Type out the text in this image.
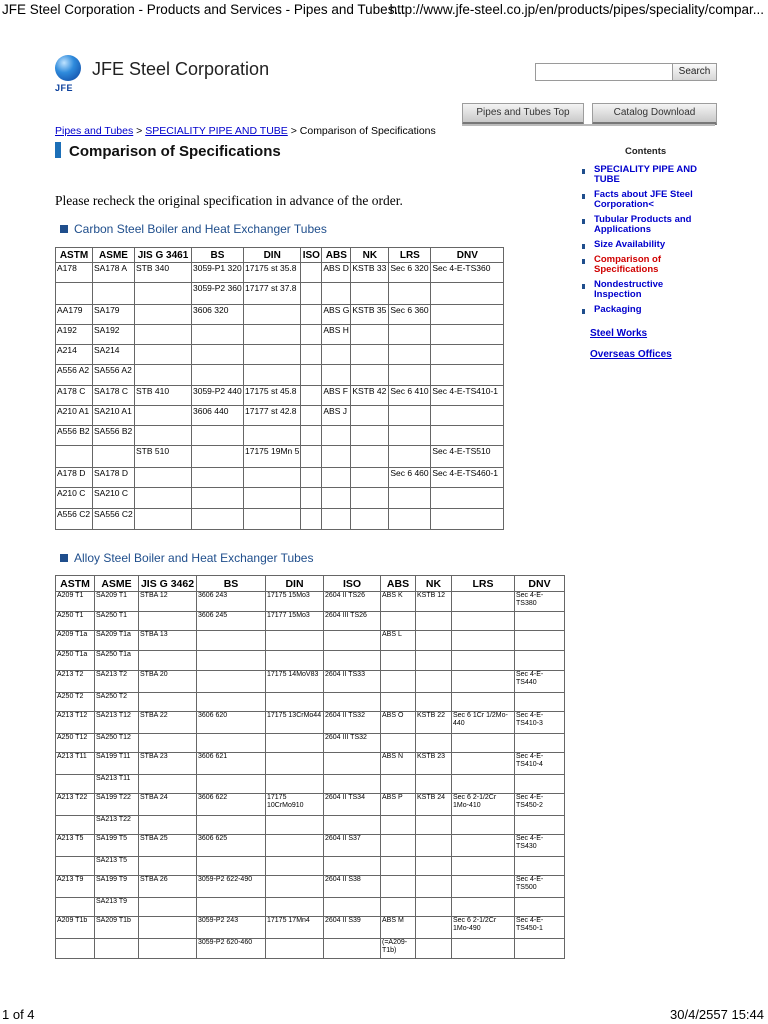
JFE Steel Corporation - Products and Services - Pipes and Tubes...
http://www.jfe-steel.co.jp/en/products/pipes/speciality/compar...
JFE
JFE Steel Corporation	Search
Pipes and Tubes Top	Catalog Download
Pipes and Tubes > SPECIALITY PIPE AND TUBE > Comparison of Specifications
Comparison of Specifications
Please recheck the original specification in advance of the order.
Carbon Steel Boiler and Heat Exchanger Tubes
ASTM	ASME	JIS G 3461	BS	DIN	ISO	ABS	NK	LRS	DNV
A178	SA178 A	STB 340	3059-P1 320	17175 st 35.8		ABS D	KSTB 33	Sec 6 320	Sec 4-E-TS360
			3059-P2 360	17177 st 37.8					
AA179	SA179		3606 320			ABS G	KSTB 35	Sec 6 360	
A192	SA192					ABS H			
A214	SA214								
A556 A2	SA556 A2								
A178 C	SA178 C	STB 410	3059-P2 440	17175 st 45.8		ABS F	KSTB 42	Sec 6 410	Sec 4-E-TS410-1
A210 A1	SA210 A1		3606 440	17177 st 42.8		ABS J			
A556 B2	SA556 B2								
		STB 510		17175 19Mn 5					Sec 4-E-TS510
A178 D	SA178 D							Sec 6 460	Sec 4-E-TS460-1
A210 C	SA210 C								
A556 C2	SA556 C2								
Alloy Steel Boiler and Heat Exchanger Tubes
ASTM	ASME	JIS G 3462	BS	DIN	ISO	ABS	NK	LRS	DNV
A209 T1	SA209 T1	STBA 12	3606 243	17175 15Mo3	2604 II TS26	ABS K	KSTB 12		Sec 4-E-TS380
A250 T1	SA250 T1		3606 245	17177 15Mo3	2604 III TS26				
A209 T1a	SA209 T1a	STBA 13				ABS L			
A250 T1a	SA250 T1a								
A213 T2	SA213 T2	STBA 20		17175 14MoV83	2604 II TS33				Sec 4-E-TS440
A250 T2	SA250 T2								
A213 T12	SA213 T12	STBA 22	3606 620	17175 13CrMo44	2604 II TS32	ABS O	KSTB 22	Sec 6 1Cr 1/2Mo-440	Sec 4-E-TS410-3
A250 T12	SA250 T12				2604 III TS32				
A213 T11	SA199 T11	STBA 23	3606 621			ABS N	KSTB 23		Sec 4-E-TS410-4
	SA213 T11								
A213 T22	SA199 T22	STBA 24	3606 622	17175 10CrMo910	2604 II TS34	ABS P	KSTB 24	Sec 6 2-1/2Cr 1Mo-410	Sec 4-E-TS450-2
	SA213 T22								
A213 T5	SA199 T5	STBA 25	3606 625		2604 II S37				Sec 4-E-TS430
	SA213 T5								
A213 T9	SA199 T9	STBA 26	3059-P2 622-490		2604 II S38				Sec 4-E-TS500
	SA213 T9								
A209 T1b	SA209 T1b		3059-P2 243	17175 17Mn4	2604 II S39	ABS M		Sec 6 2-1/2Cr 1Mo-490	Sec 4-E-TS450-1
			3059-P2 620-460			(=A209-T1b)			
Contents
SPECIALITY PIPE AND TUBE
Facts about JFE Steel Corporation<
Tubular Products and Applications
Size Availability
Comparison of Specifications
Nondestructive Inspection
Packaging
Steel Works
Overseas Offices
1 of 4	30/4/2557 15:44
